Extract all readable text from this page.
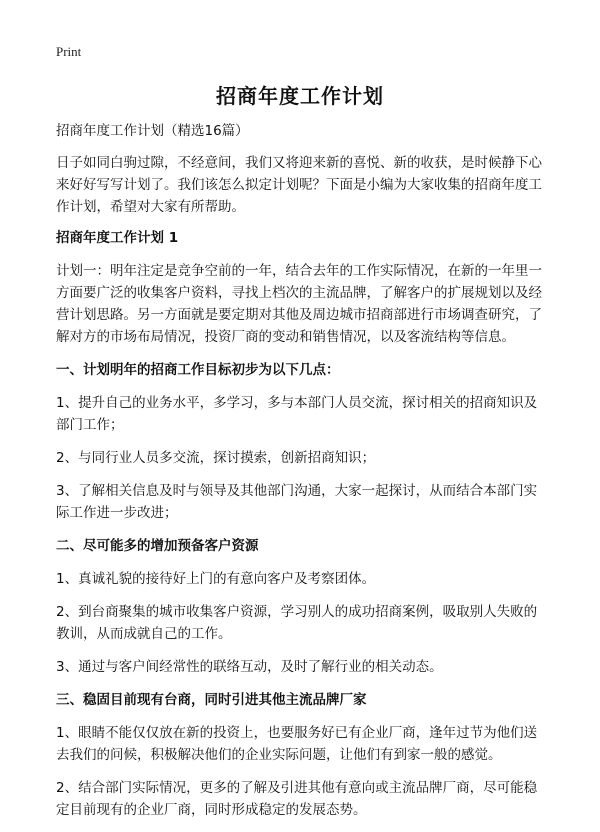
Print
招商年度工作计划

招商年度工作计划（精选16篇）

日子如同白驹过隙，不经意间，我们又将迎来新的喜悦、新的收获，是时候静下心来好好写写计划了。我们该怎么拟定计划呢？下面是小编为大家收集的招商年度工作计划，希望对大家有所帮助。

招商年度工作计划 1

计划一：明年注定是竞争空前的一年，结合去年的工作实际情况，在新的一年里一方面要广泛的收集客户资料，寻找上档次的主流品牌，了解客户的扩展规划以及经营计划思路。另一方面就是要定期对其他及周边城市招商部进行市场调查研究，了解对方的市场布局情况，投资厂商的变动和销售情况，以及客流结构等信息。

一、计划明年的招商工作目标初步为以下几点：

1、提升自己的业务水平，多学习，多与本部门人员交流，探讨相关的招商知识及部门工作；

2、与同行业人员多交流，探讨摸索，创新招商知识；

3、了解相关信息及时与领导及其他部门沟通，大家一起探讨，从而结合本部门实际工作进一步改进；

二、尽可能多的增加预备客户资源

1、真诚礼貌的接待好上门的有意向客户及考察团体。

2、到台商聚集的城市收集客户资源，学习别人的成功招商案例，吸取别人失败的教训，从而成就自己的工作。

3、通过与客户间经常性的联络互动，及时了解行业的相关动态。

三、稳固目前现有台商，同时引进其他主流品牌厂家

1、眼睛不能仅仅放在新的投资上，也要服务好已有企业厂商，逢年过节为他们送去我们的问候，积极解决他们的企业实际问题，让他们有到家一般的感觉。

2、结合部门实际情况，更多的了解及引进其他有意向或主流品牌厂商，尽可能稳定目前现有的企业厂商，同时形成稳定的发展态势。
